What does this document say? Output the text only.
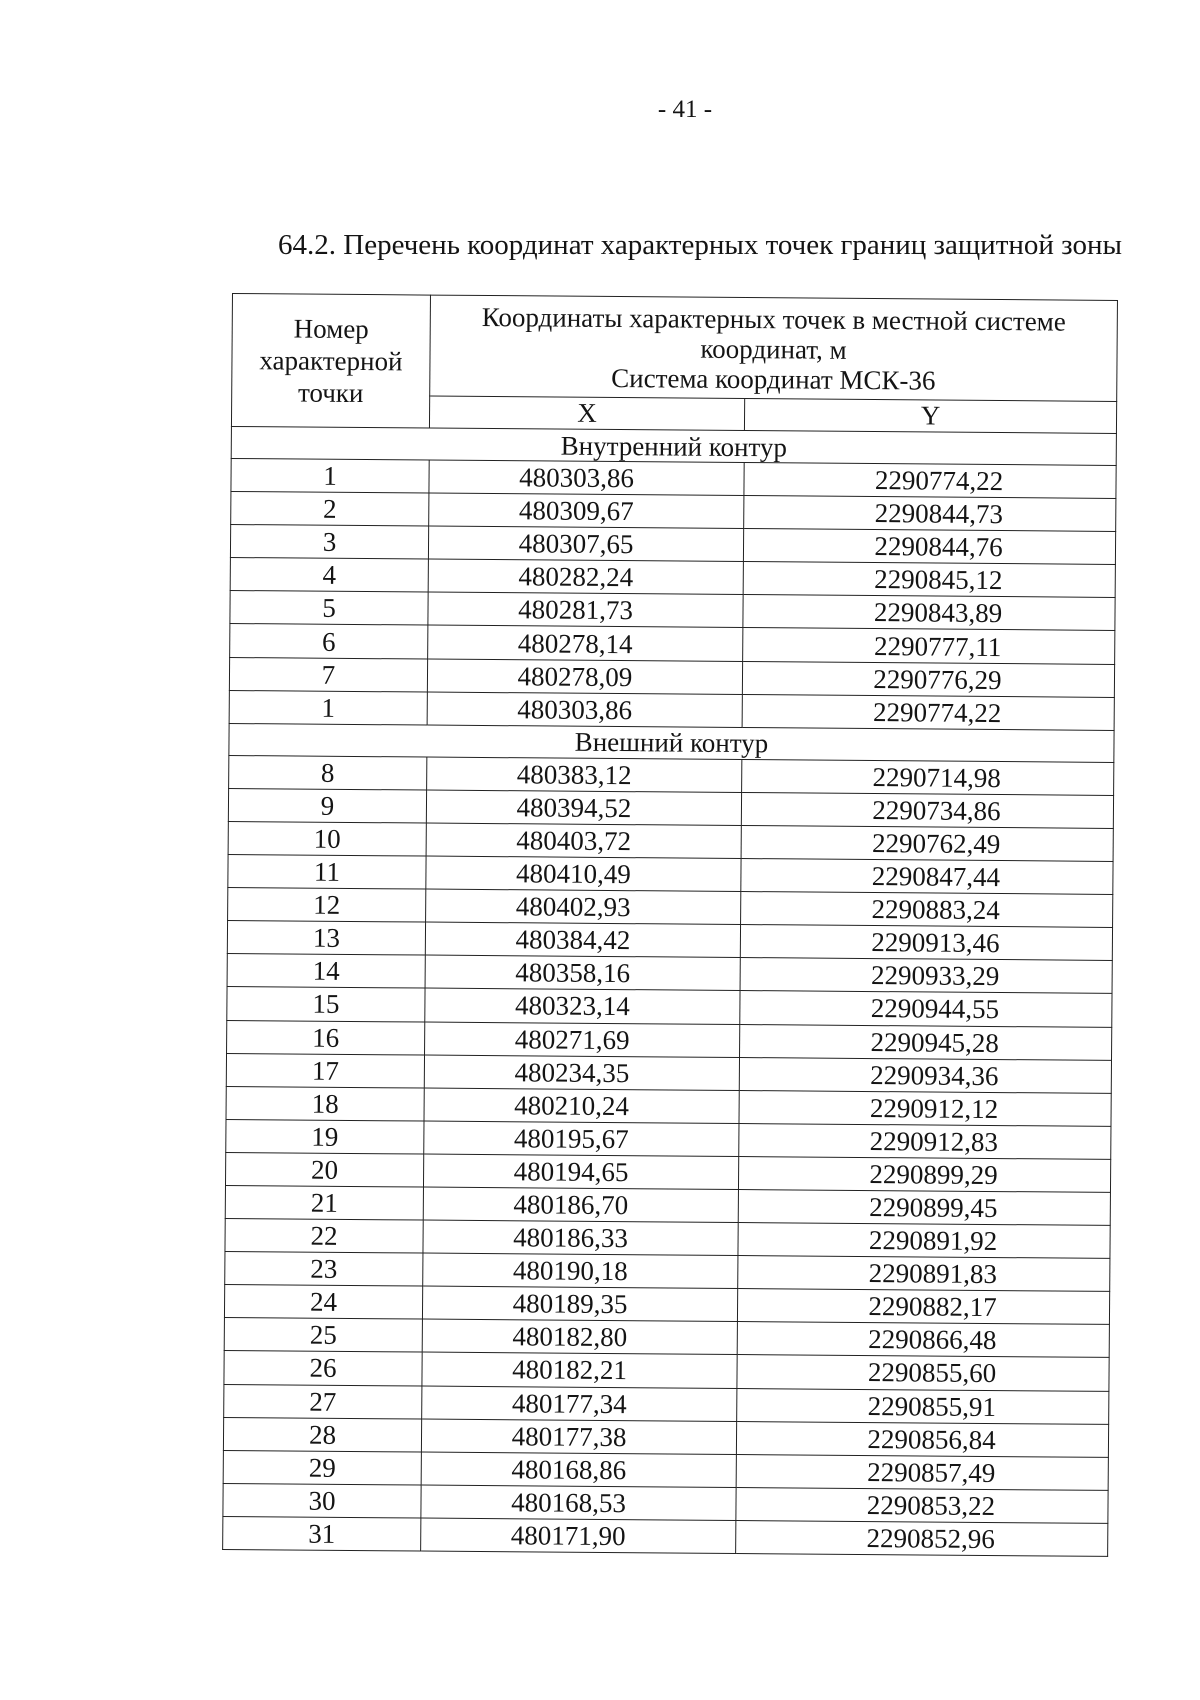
- 41 -
64.2. Перечень координат характерных точек границ защитной зоны
Номер
характерной
точки	Координаты характерных точек в местной системе
координат, м
Система координат МСК-36	

	X	Y
Внутренний контур		
1	480303,86	2290774,22
2	480309,67	2290844,73
3	480307,65	2290844,76
4	480282,24	2290845,12
5	480281,73	2290843,89
6	480278,14	2290777,11
7	480278,09	2290776,29
1	480303,86	2290774,22
Внешний контур		
8	480383,12	2290714,98
9	480394,52	2290734,86
10	480403,72	2290762,49
11	480410,49	2290847,44
12	480402,93	2290883,24
13	480384,42	2290913,46
14	480358,16	2290933,29
15	480323,14	2290944,55
16	480271,69	2290945,28
17	480234,35	2290934,36
18	480210,24	2290912,12
19	480195,67	2290912,83
20	480194,65	2290899,29
21	480186,70	2290899,45
22	480186,33	2290891,92
23	480190,18	2290891,83
24	480189,35	2290882,17
25	480182,80	2290866,48
26	480182,21	2290855,60
27	480177,34	2290855,91
28	480177,38	2290856,84
29	480168,86	2290857,49
30	480168,53	2290853,22
31	480171,90	2290852,96
